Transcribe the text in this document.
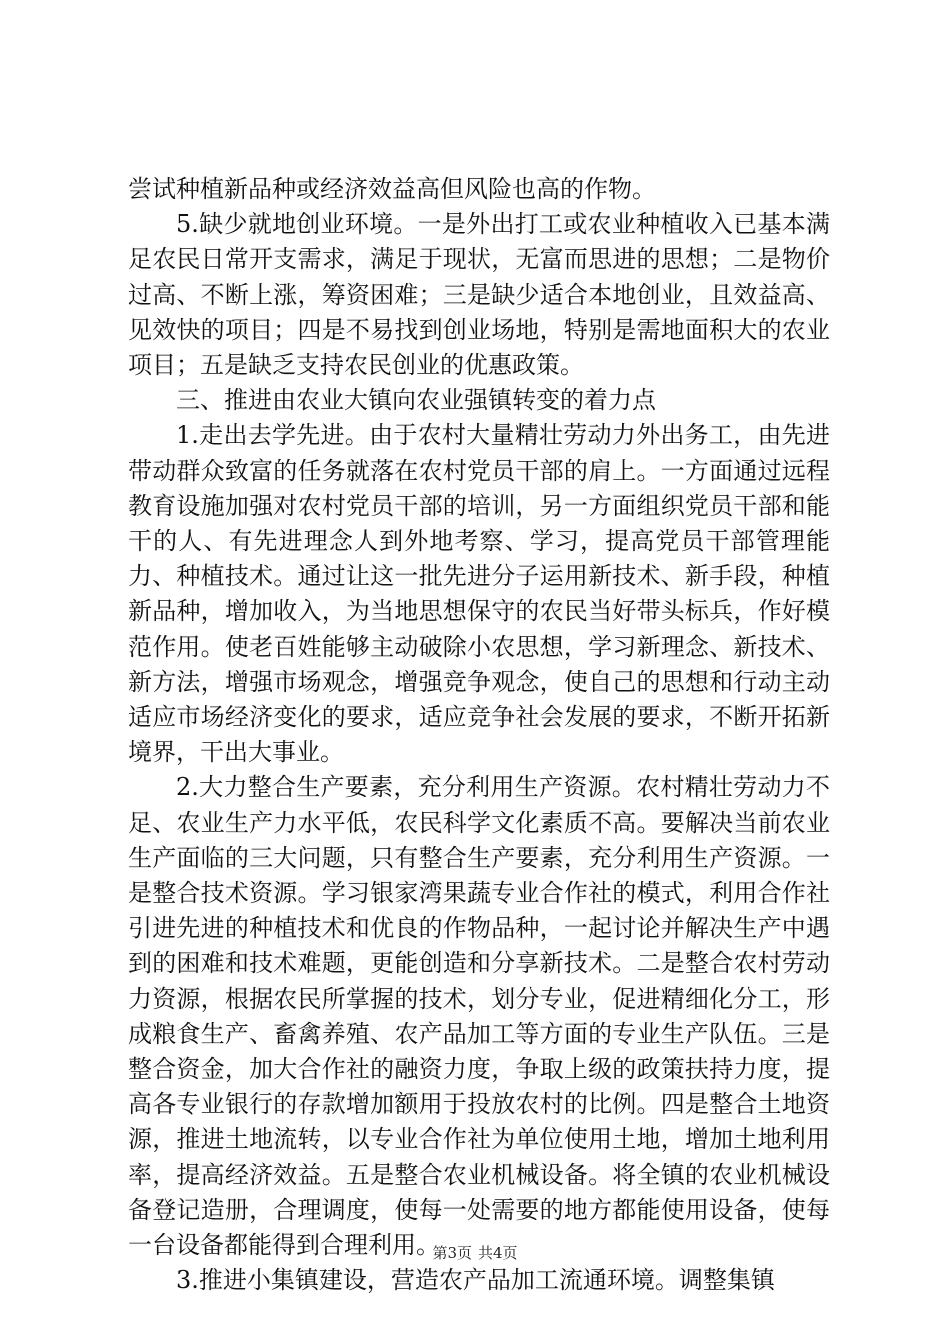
尝试种植新品种或经济效益高但风险也高的作物。

5.缺少就地创业环境。一是外出打工或农业种植收入已基本满足农民日常开支需求，满足于现状，无富而思进的思想；二是物价过高、不断上涨，筹资困难；三是缺少适合本地创业，且效益高、见效快的项目；四是不易找到创业场地，特别是需地面积大的农业项目；五是缺乏支持农民创业的优惠政策。

三、推进由农业大镇向农业强镇转变的着力点

1.走出去学先进。由于农村大量精壮劳动力外出务工，由先进带动群众致富的任务就落在农村党员干部的肩上。一方面通过远程教育设施加强对农村党员干部的培训，另一方面组织党员干部和能干的人、有先进理念人到外地考察、学习，提高党员干部管理能力、种植技术。通过让这一批先进分子运用新技术、新手段，种植新品种，增加收入，为当地思想保守的农民当好带头标兵，作好模范作用。使老百姓能够主动破除小农思想，学习新理念、新技术、新方法，增强市场观念，增强竞争观念，使自己的思想和行动主动适应市场经济变化的要求，适应竞争社会发展的要求，不断开拓新境界，干出大事业。

2.大力整合生产要素，充分利用生产资源。农村精壮劳动力不足、农业生产力水平低，农民科学文化素质不高。要解决当前农业生产面临的三大问题，只有整合生产要素，充分利用生产资源。一是整合技术资源。学习银家湾果蔬专业合作社的模式，利用合作社引进先进的种植技术和优良的作物品种，一起讨论并解决生产中遇到的困难和技术难题，更能创造和分享新技术。二是整合农村劳动力资源，根据农民所掌握的技术，划分专业，促进精细化分工，形成粮食生产、畜禽养殖、农产品加工等方面的专业生产队伍。三是整合资金，加大合作社的融资力度，争取上级的政策扶持力度，提高各专业银行的存款增加额用于投放农村的比例。四是整合土地资源，推进土地流转，以专业合作社为单位使用土地，增加土地利用率，提高经济效益。五是整合农业机械设备。将全镇的农业机械设备登记造册，合理调度，使每一处需要的地方都能使用设备，使每一台设备都能得到合理利用。

3.推进小集镇建设，营造农产品加工流通环境。调整集镇

第3页 共4页
